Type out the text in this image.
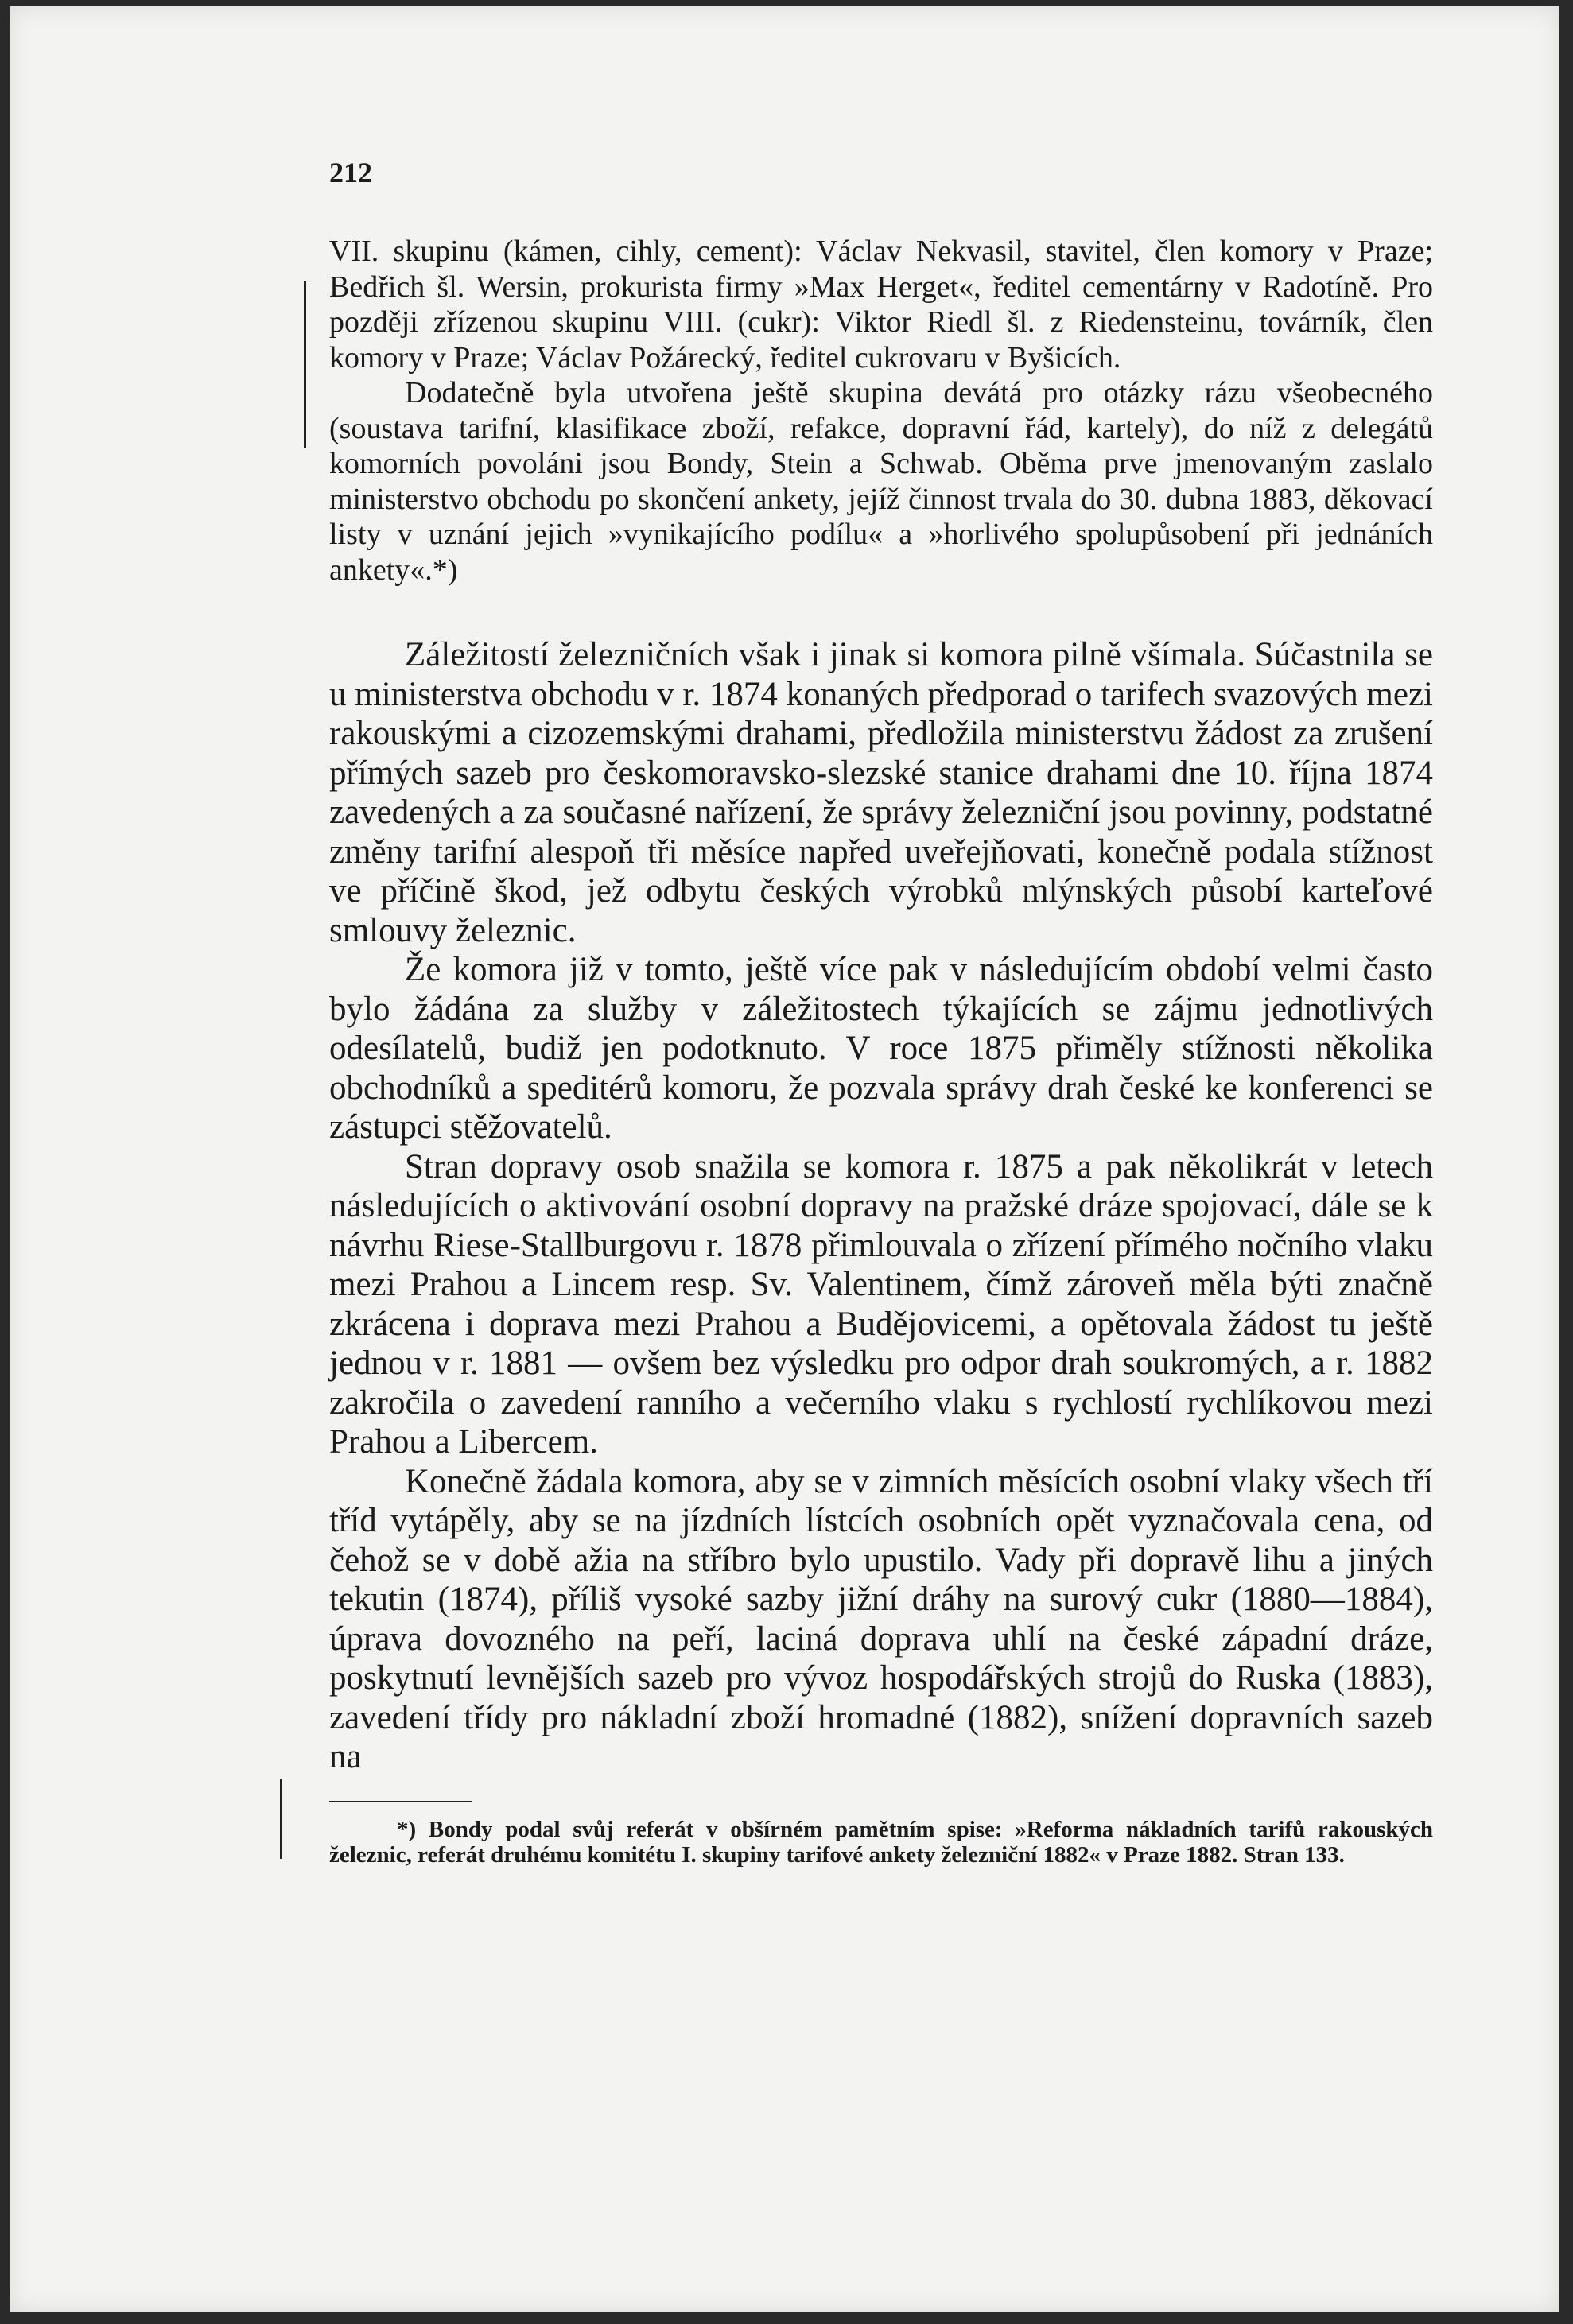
212

VII. skupinu (kámen, cihly, cement): Václav Nekvasil, stavitel, člen komory v Praze; Bedřich šl. Wersin, prokurista firmy »Max Herget«, ředitel cementárny v Radotíně. Pro později zřízenou skupinu VIII. (cukr): Viktor Riedl šl. z Riedensteinu, továrník, člen komory v Praze; Václav Požárecký, ředitel cukrovaru v Byšicích.

Dodatečně byla utvořena ještě skupina devátá pro otázky rázu všeobecného (soustava tarifní, klasifikace zboží, refakce, dopravní řád, kartely), do níž z delegátů komorních povoláni jsou Bondy, Stein a Schwab. Oběma prve jmenovaným zaslalo ministerstvo obchodu po skončení ankety, jejíž činnost trvala do 30. dubna 1883, děkovací listy v uznání jejich »vynikajícího podílu« a »horlivého spolupůsobení při jednáních ankety«.*)

Záležitostí železničních však i jinak si komora pilně všímala. Súčastnila se u ministerstva obchodu v r. 1874 konaných předporad o tarifech svazových mezi rakouskými a cizozemskými drahami, předložila ministerstvu žádost za zrušení přímých sazeb pro českomoravsko-slezské stanice drahami dne 10. října 1874 zavedených a za současné nařízení, že správy železniční jsou povinny, podstatné změny tarifní alespoň tři měsíce napřed uveřejňovati, konečně podala stížnost ve příčině škod, jež odbytu českých výrobků mlýnských působí karteľové smlouvy železnic.

Že komora již v tomto, ještě více pak v následujícím období velmi často bylo žádána za služby v záležitostech týkajících se zájmu jednotlivých odesílatelů, budiž jen podotknuto. V roce 1875 přiměly stížnosti několika obchodníků a speditérů komoru, že pozvala správy drah české ke konferenci se zástupci stěžovatelů.

Stran dopravy osob snažila se komora r. 1875 a pak několikrát v letech následujících o aktivování osobní dopravy na pražské dráze spojovací, dále se k návrhu Riese-Stallburgovu r. 1878 přimlouvala o zřízení přímého nočního vlaku mezi Prahou a Lincem resp. Sv. Valentinem, čímž zároveň měla býti značně zkrácena i doprava mezi Prahou a Budějovicemi, a opětovala žádost tu ještě jednou v r. 1881 — ovšem bez výsledku pro odpor drah soukromých, a r. 1882 zakročila o zavedení ranního a večerního vlaku s rychlostí rychlíkovou mezi Prahou a Libercem.

Konečně žádala komora, aby se v zimních měsících osobní vlaky všech tří tříd vytápěly, aby se na jízdních lístcích osobních opět vyznačovala cena, od čehož se v době ažia na stříbro bylo upustilo. Vady při dopravě lihu a jiných tekutin (1874), příliš vysoké sazby jižní dráhy na surový cukr (1880—1884), úprava dovozného na peří, laciná doprava uhlí na české západní dráze, poskytnutí levnějších sazeb pro vývoz hospodářských strojů do Ruska (1883), zavedení třídy pro nákladní zboží hromadné (1882), snížení dopravních sazeb na

*) Bondy podal svůj referát v obšírném pamětním spise: »Reforma nákladních tarifů rakouských železnic, referát druhému komitétu I. skupiny tarifové ankety železniční 1882« v Praze 1882. Stran 133.
